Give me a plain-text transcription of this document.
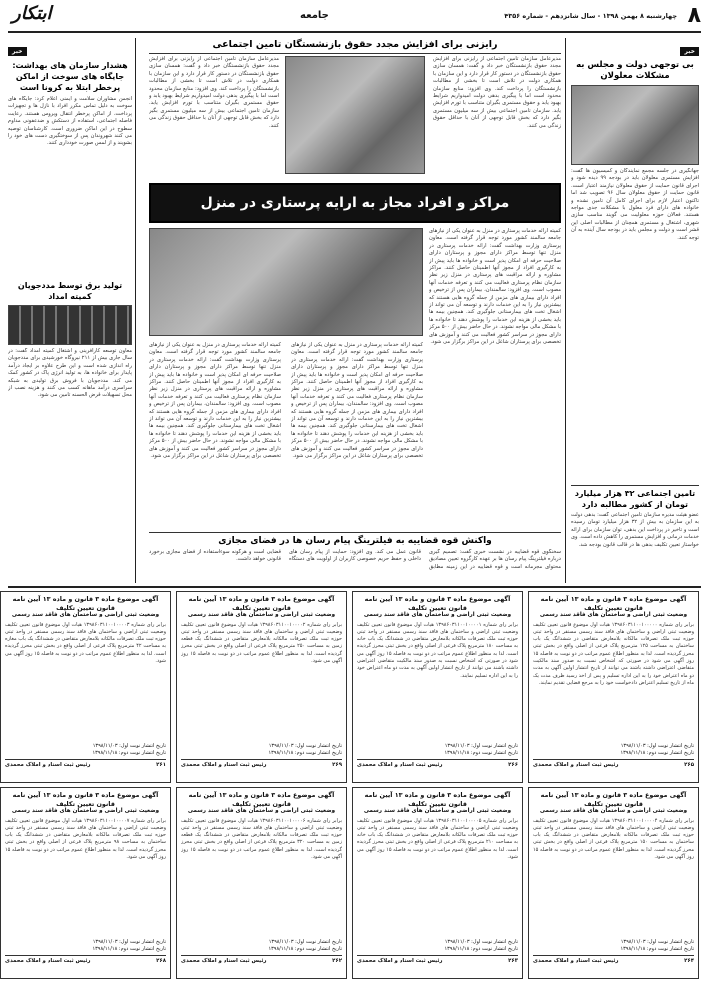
۸
چهارشنبه ۸ بهمن ۱۳۹۸ - سال شانزدهم - شماره ۴۳۵۶
جامعه
ابتکار
خبر
بی توجهی دولت و مجلس به مشکلات معلولان
جهانگیری در جلسه مجمع نمایندگان و کمیسیون ها گفت: افزایش مستمری معلولان باید در بودجه ۹۹ دیده شود و اجرای قانون حمایت از حقوق معلولان نیازمند اعتبار است. قانون حمایت از حقوق معلولان سال ۹۶ تصویب شد اما تاکنون اعتبار لازم برای اجرای کامل آن تامین نشده و خانواده های دارای فرد معلول با مشکلات جدی مواجه هستند. فعالان حوزه معلولیت می گویند مناسب سازی شهری، اشتغال و مستمری همچنان از مطالبات اصلی این قشر است و دولت و مجلس باید در بودجه سال آینده به آن توجه کنند.
رایزنی برای افزایش مجدد حقوق بازنشستگان تامین اجتماعی
مدیرعامل سازمان تامین اجتماعی از رایزنی برای افزایش مجدد حقوق بازنشستگان خبر داد و گفت: همسان سازی حقوق بازنشستگان در دستور کار قرار دارد و این سازمان با همکاری دولت در تلاش است تا بخشی از مطالبات بازنشستگان را پرداخت کند. وی افزود: منابع سازمان محدود است اما با پیگیری بدهی دولت امیدواریم شرایط بهبود یابد و حقوق مستمری بگیران متناسب با تورم افزایش یابد. سازمان تامین اجتماعی بیش از سه میلیون مستمری بگیر دارد که بخش قابل توجهی از آنان با حداقل حقوق زندگی می کنند.
مدیرعامل سازمان تامین اجتماعی از رایزنی برای افزایش مجدد حقوق بازنشستگان خبر داد و گفت: همسان سازی حقوق بازنشستگان در دستور کار قرار دارد و این سازمان با همکاری دولت در تلاش است تا بخشی از مطالبات بازنشستگان را پرداخت کند. وی افزود: منابع سازمان محدود است اما با پیگیری بدهی دولت امیدواریم شرایط بهبود یابد و حقوق مستمری بگیران متناسب با تورم افزایش یابد. سازمان تامین اجتماعی بیش از سه میلیون مستمری بگیر دارد که بخش قابل توجهی از آنان با حداقل حقوق زندگی می کنند.
خبر
هشدار سازمان های بهداشت: جایگاه های سوخت از اماکن پرخطر ابتلا به کرونا است
انجمن مشاوران سلامت و ایمنی اعلام کرد: جایگاه های سوخت به دلیل تماس مکرر افراد با نازل ها و تجهیزات پرداخت، از اماکن پرخطر انتقال ویروس هستند. رعایت فاصله اجتماعی، استفاده از دستکش و ضدعفونی مداوم سطوح در این اماکن ضروری است. کارشناسان توصیه می کنند شهروندان پس از سوختگیری دست های خود را بشویند و از لمس صورت خودداری کنند.
تولید برق توسط مددجویان کمیته امداد
معاون توسعه کارآفرینی و اشتغال کمیته امداد گفت: در سال جاری بیش از ۲۱۱ نیروگاه خورشیدی برای مددجویان راه اندازی شده است و این طرح علاوه بر ایجاد درآمد پایدار برای خانواده ها، به تولید انرژی پاک در کشور کمک می کند. مددجویان با فروش برق تولیدی به شبکه سراسری درآمد ماهانه کسب می کنند و هزینه نصب از محل تسهیلات قرض الحسنه تامین می شود.
مراکز و افراد مجاز به ارایه پرستاری در منزل
کمیته ارائه خدمات پرستاری در منزل به عنوان یکی از نیازهای جامعه سالمند کشور مورد توجه قرار گرفته است. معاون پرستاری وزارت بهداشت گفت: ارائه خدمات پرستاری در منزل تنها توسط مراکز دارای مجوز و پرستاران دارای صلاحیت حرفه ای امکان پذیر است و خانواده ها باید پیش از به کارگیری افراد از مجوز آنها اطمینان حاصل کنند. مراکز مشاوره و ارائه مراقبت های پرستاری در منزل زیر نظر سازمان نظام پرستاری فعالیت می کنند و تعرفه خدمات آنها مصوب است. وی افزود: سالمندان، بیماران پس از ترخیص و افراد دارای بیماری های مزمن از جمله گروه هایی هستند که بیشترین نیاز را به این خدمات دارند و توسعه آن می تواند از اشغال تخت های بیمارستانی جلوگیری کند. همچنین بیمه ها باید بخشی از هزینه این خدمات را پوشش دهند تا خانواده ها با مشکل مالی مواجه نشوند. در حال حاضر بیش از ۵۰۰ مرکز دارای مجوز در سراسر کشور فعالیت می کنند و آموزش های تخصصی برای پرستاران شاغل در این مراکز برگزار می شود.
کمیته ارائه خدمات پرستاری در منزل به عنوان یکی از نیازهای جامعه سالمند کشور مورد توجه قرار گرفته است. معاون پرستاری وزارت بهداشت گفت: ارائه خدمات پرستاری در منزل تنها توسط مراکز دارای مجوز و پرستاران دارای صلاحیت حرفه ای امکان پذیر است و خانواده ها باید پیش از به کارگیری افراد از مجوز آنها اطمینان حاصل کنند. مراکز مشاوره و ارائه مراقبت های پرستاری در منزل زیر نظر سازمان نظام پرستاری فعالیت می کنند و تعرفه خدمات آنها مصوب است. وی افزود: سالمندان، بیماران پس از ترخیص و افراد دارای بیماری های مزمن از جمله گروه هایی هستند که بیشترین نیاز را به این خدمات دارند و توسعه آن می تواند از اشغال تخت های بیمارستانی جلوگیری کند. همچنین بیمه ها باید بخشی از هزینه این خدمات را پوشش دهند تا خانواده ها با مشکل مالی مواجه نشوند. در حال حاضر بیش از ۵۰۰ مرکز دارای مجوز در سراسر کشور فعالیت می کنند و آموزش های تخصصی برای پرستاران شاغل در این مراکز برگزار می شود.
کمیته ارائه خدمات پرستاری در منزل به عنوان یکی از نیازهای جامعه سالمند کشور مورد توجه قرار گرفته است. معاون پرستاری وزارت بهداشت گفت: ارائه خدمات پرستاری در منزل تنها توسط مراکز دارای مجوز و پرستاران دارای صلاحیت حرفه ای امکان پذیر است و خانواده ها باید پیش از به کارگیری افراد از مجوز آنها اطمینان حاصل کنند. مراکز مشاوره و ارائه مراقبت های پرستاری در منزل زیر نظر سازمان نظام پرستاری فعالیت می کنند و تعرفه خدمات آنها مصوب است. وی افزود: سالمندان، بیماران پس از ترخیص و افراد دارای بیماری های مزمن از جمله گروه هایی هستند که بیشترین نیاز را به این خدمات دارند و توسعه آن می تواند از اشغال تخت های بیمارستانی جلوگیری کند. همچنین بیمه ها باید بخشی از هزینه این خدمات را پوشش دهند تا خانواده ها با مشکل مالی مواجه نشوند. در حال حاضر بیش از ۵۰۰ مرکز دارای مجوز در سراسر کشور فعالیت می کنند و آموزش های تخصصی برای پرستاران شاغل در این مراکز برگزار می شود.
تامین اجتماعی ۳۲ هزار میلیارد تومان از کشور مطالبه دارد
عضو هیئت مدیره سازمان تامین اجتماعی گفت: بدهی دولت به این سازمان به بیش از ۳۲ هزار میلیارد تومان رسیده است و تاخیر در پرداخت این بدهی، توان سازمان برای ارائه خدمات درمانی و افزایش مستمری را کاهش داده است. وی خواستار تعیین تکلیف بدهی ها در قالب قانون بودجه شد.
واکنش قوه قضاییه به فیلترینگ پیام رسان ها در فضای مجازی
سخنگوی قوه قضاییه در نشست خبری گفت: تصمیم گیری درباره فیلترینگ پیام رسان ها بر عهده کارگروه تعیین مصادیق محتوای مجرمانه است و قوه قضاییه در این زمینه مطابق قانون عمل می کند. وی افزود: حمایت از پیام رسان های داخلی و حفظ حریم خصوصی کاربران از اولویت های دستگاه قضایی است و هرگونه سوءاستفاده از فضای مجازی برخورد قانونی خواهد داشت.
آگهی موضوع ماده ۳ قانون و ماده ۱۳ آیین نامه قانون تعیین تکلیف
وضعیت ثبتی اراضی و ساختمان های فاقد سند رسمی
برابر رای شماره ۱۳۹۸۶۰۳۱۱۰۰۱۰۰۰۰۰ هیات اول موضوع قانون تعیین تکلیف وضعیت ثبتی اراضی و ساختمان های فاقد سند رسمی مستقر در واحد ثبتی حوزه ثبت ملک تصرفات مالکانه بلامعارض متقاضی در ششدانگ یک باب ساختمان به مساحت ۱۲۵ مترمربع پلاک فرعی از اصلی واقع در بخش ثبتی محرز گردیده است. لذا به منظور اطلاع عموم مراتب در دو نوبت به فاصله ۱۵ روز آگهی می شود در صورتی که اشخاص نسبت به صدور سند مالکیت متقاضی اعتراضی داشته باشند می توانند از تاریخ انتشار اولین آگهی به مدت دو ماه اعتراض خود را به این اداره تسلیم و پس از اخذ رسید ظرف مدت یک ماه از تاریخ تسلیم اعتراض دادخواست خود را به مرجع قضایی تقدیم نمایند.
تاریخ انتشار نوبت اول: ۱۳۹۸/۱۱/۰۳
تاریخ انتشار نوبت دوم: ۱۳۹۸/۱۱/۱۸
۲۶۵
رئیس ثبت اسناد و املاک محمدی
آگهی موضوع ماده ۳ قانون و ماده ۱۳ آیین نامه قانون تعیین تکلیف
وضعیت ثبتی اراضی و ساختمان های فاقد سند رسمی
برابر رای شماره ۱۳۹۸۶۰۳۱۱۰۰۱۰۰۰۰۱ هیات اول موضوع قانون تعیین تکلیف وضعیت ثبتی اراضی و ساختمان های فاقد سند رسمی مستقر در واحد ثبتی حوزه ثبت ملک تصرفات مالکانه بلامعارض متقاضی در ششدانگ یک باب خانه به مساحت ۱۸۰ مترمربع پلاک فرعی از اصلی واقع در بخش ثبتی محرز گردیده است. لذا به منظور اطلاع عموم مراتب در دو نوبت به فاصله ۱۵ روز آگهی می شود در صورتی که اشخاص نسبت به صدور سند مالکیت متقاضی اعتراضی داشته باشند می توانند از تاریخ انتشار اولین آگهی به مدت دو ماه اعتراض خود را به این اداره تسلیم نمایند.
تاریخ انتشار نوبت اول: ۱۳۹۸/۱۱/۰۳
تاریخ انتشار نوبت دوم: ۱۳۹۸/۱۱/۱۸
۲۶۶
رئیس ثبت اسناد و املاک محمدی
آگهی موضوع ماده ۳ قانون و ماده ۱۳ آیین نامه قانون تعیین تکلیف
وضعیت ثبتی اراضی و ساختمان های فاقد سند رسمی
برابر رای شماره ۱۳۹۸۶۰۳۱۱۰۰۱۰۰۰۰۲ هیات اول موضوع قانون تعیین تکلیف وضعیت ثبتی اراضی و ساختمان های فاقد سند رسمی مستقر در واحد ثبتی حوزه ثبت ملک تصرفات مالکانه بلامعارض متقاضی در ششدانگ یک قطعه زمین به مساحت ۲۵۰ مترمربع پلاک فرعی از اصلی واقع در بخش ثبتی محرز گردیده است. لذا به منظور اطلاع عموم مراتب در دو نوبت به فاصله ۱۵ روز آگهی می شود.
تاریخ انتشار نوبت اول: ۱۳۹۸/۱۱/۰۳
تاریخ انتشار نوبت دوم: ۱۳۹۸/۱۱/۱۸
۲۶۹
رئیس ثبت اسناد و املاک محمدی
آگهی موضوع ماده ۳ قانون و ماده ۱۳ آیین نامه قانون تعیین تکلیف
وضعیت ثبتی اراضی و ساختمان های فاقد سند رسمی
برابر رای شماره ۱۳۹۸۶۰۳۱۱۰۰۱۰۰۰۰۳ هیات اول موضوع قانون تعیین تکلیف وضعیت ثبتی اراضی و ساختمان های فاقد سند رسمی مستقر در واحد ثبتی حوزه ثبت ملک تصرفات مالکانه بلامعارض متقاضی در ششدانگ یک باب مغازه به مساحت ۴۲ مترمربع پلاک فرعی از اصلی واقع در بخش ثبتی محرز گردیده است. لذا به منظور اطلاع عموم مراتب در دو نوبت به فاصله ۱۵ روز آگهی می شود.
تاریخ انتشار نوبت اول: ۱۳۹۸/۱۱/۰۳
تاریخ انتشار نوبت دوم: ۱۳۹۸/۱۱/۱۸
۲۶۱
رئیس ثبت اسناد و املاک محمدی
آگهی موضوع ماده ۳ قانون و ماده ۱۳ آیین نامه قانون تعیین تکلیف
وضعیت ثبتی اراضی و ساختمان های فاقد سند رسمی
برابر رای شماره ۱۳۹۸۶۰۳۱۱۰۰۱۰۰۰۰۴ هیات اول موضوع قانون تعیین تکلیف وضعیت ثبتی اراضی و ساختمان های فاقد سند رسمی مستقر در واحد ثبتی حوزه ثبت ملک تصرفات مالکانه بلامعارض متقاضی در ششدانگ یک باب ساختمان به مساحت ۱۵۰ مترمربع پلاک فرعی از اصلی واقع در بخش ثبتی محرز گردیده است. لذا به منظور اطلاع عموم مراتب در دو نوبت به فاصله ۱۵ روز آگهی می شود.
تاریخ انتشار نوبت اول: ۱۳۹۸/۱۱/۰۳
تاریخ انتشار نوبت دوم: ۱۳۹۸/۱۱/۱۸
۲۶۴
رئیس ثبت اسناد و املاک محمدی
آگهی موضوع ماده ۳ قانون و ماده ۱۳ آیین نامه قانون تعیین تکلیف
وضعیت ثبتی اراضی و ساختمان های فاقد سند رسمی
برابر رای شماره ۱۳۹۸۶۰۳۱۱۰۰۱۰۰۰۰۵ هیات اول موضوع قانون تعیین تکلیف وضعیت ثبتی اراضی و ساختمان های فاقد سند رسمی مستقر در واحد ثبتی حوزه ثبت ملک تصرفات مالکانه بلامعارض متقاضی در ششدانگ یک باب خانه به مساحت ۲۱۰ مترمربع پلاک فرعی از اصلی واقع در بخش ثبتی محرز گردیده است. لذا به منظور اطلاع عموم مراتب در دو نوبت به فاصله ۱۵ روز آگهی می شود.
تاریخ انتشار نوبت اول: ۱۳۹۸/۱۱/۰۳
تاریخ انتشار نوبت دوم: ۱۳۹۸/۱۱/۱۸
۲۶۳
رئیس ثبت اسناد و املاک محمدی
آگهی موضوع ماده ۳ قانون و ماده ۱۳ آیین نامه قانون تعیین تکلیف
وضعیت ثبتی اراضی و ساختمان های فاقد سند رسمی
برابر رای شماره ۱۳۹۸۶۰۳۱۱۰۰۱۰۰۰۰۶ هیات اول موضوع قانون تعیین تکلیف وضعیت ثبتی اراضی و ساختمان های فاقد سند رسمی مستقر در واحد ثبتی حوزه ثبت ملک تصرفات مالکانه بلامعارض متقاضی در ششدانگ یک قطعه زمین به مساحت ۳۲۰ مترمربع پلاک فرعی از اصلی واقع در بخش ثبتی محرز گردیده است. لذا به منظور اطلاع عموم مراتب در دو نوبت به فاصله ۱۵ روز آگهی می شود.
تاریخ انتشار نوبت اول: ۱۳۹۸/۱۱/۰۳
تاریخ انتشار نوبت دوم: ۱۳۹۸/۱۱/۱۸
۲۶۲
رئیس ثبت اسناد و املاک محمدی
آگهی موضوع ماده ۳ قانون و ماده ۱۳ آیین نامه قانون تعیین تکلیف
وضعیت ثبتی اراضی و ساختمان های فاقد سند رسمی
برابر رای شماره ۱۳۹۸۶۰۳۱۱۰۰۱۰۰۰۰۷ هیات اول موضوع قانون تعیین تکلیف وضعیت ثبتی اراضی و ساختمان های فاقد سند رسمی مستقر در واحد ثبتی حوزه ثبت ملک تصرفات مالکانه بلامعارض متقاضی در ششدانگ یک باب ساختمان به مساحت ۹۸ مترمربع پلاک فرعی از اصلی واقع در بخش ثبتی محرز گردیده است. لذا به منظور اطلاع عموم مراتب در دو نوبت به فاصله ۱۵ روز آگهی می شود.
تاریخ انتشار نوبت اول: ۱۳۹۸/۱۱/۰۳
تاریخ انتشار نوبت دوم: ۱۳۹۸/۱۱/۱۸
۲۶۸
رئیس ثبت اسناد و املاک محمدی
